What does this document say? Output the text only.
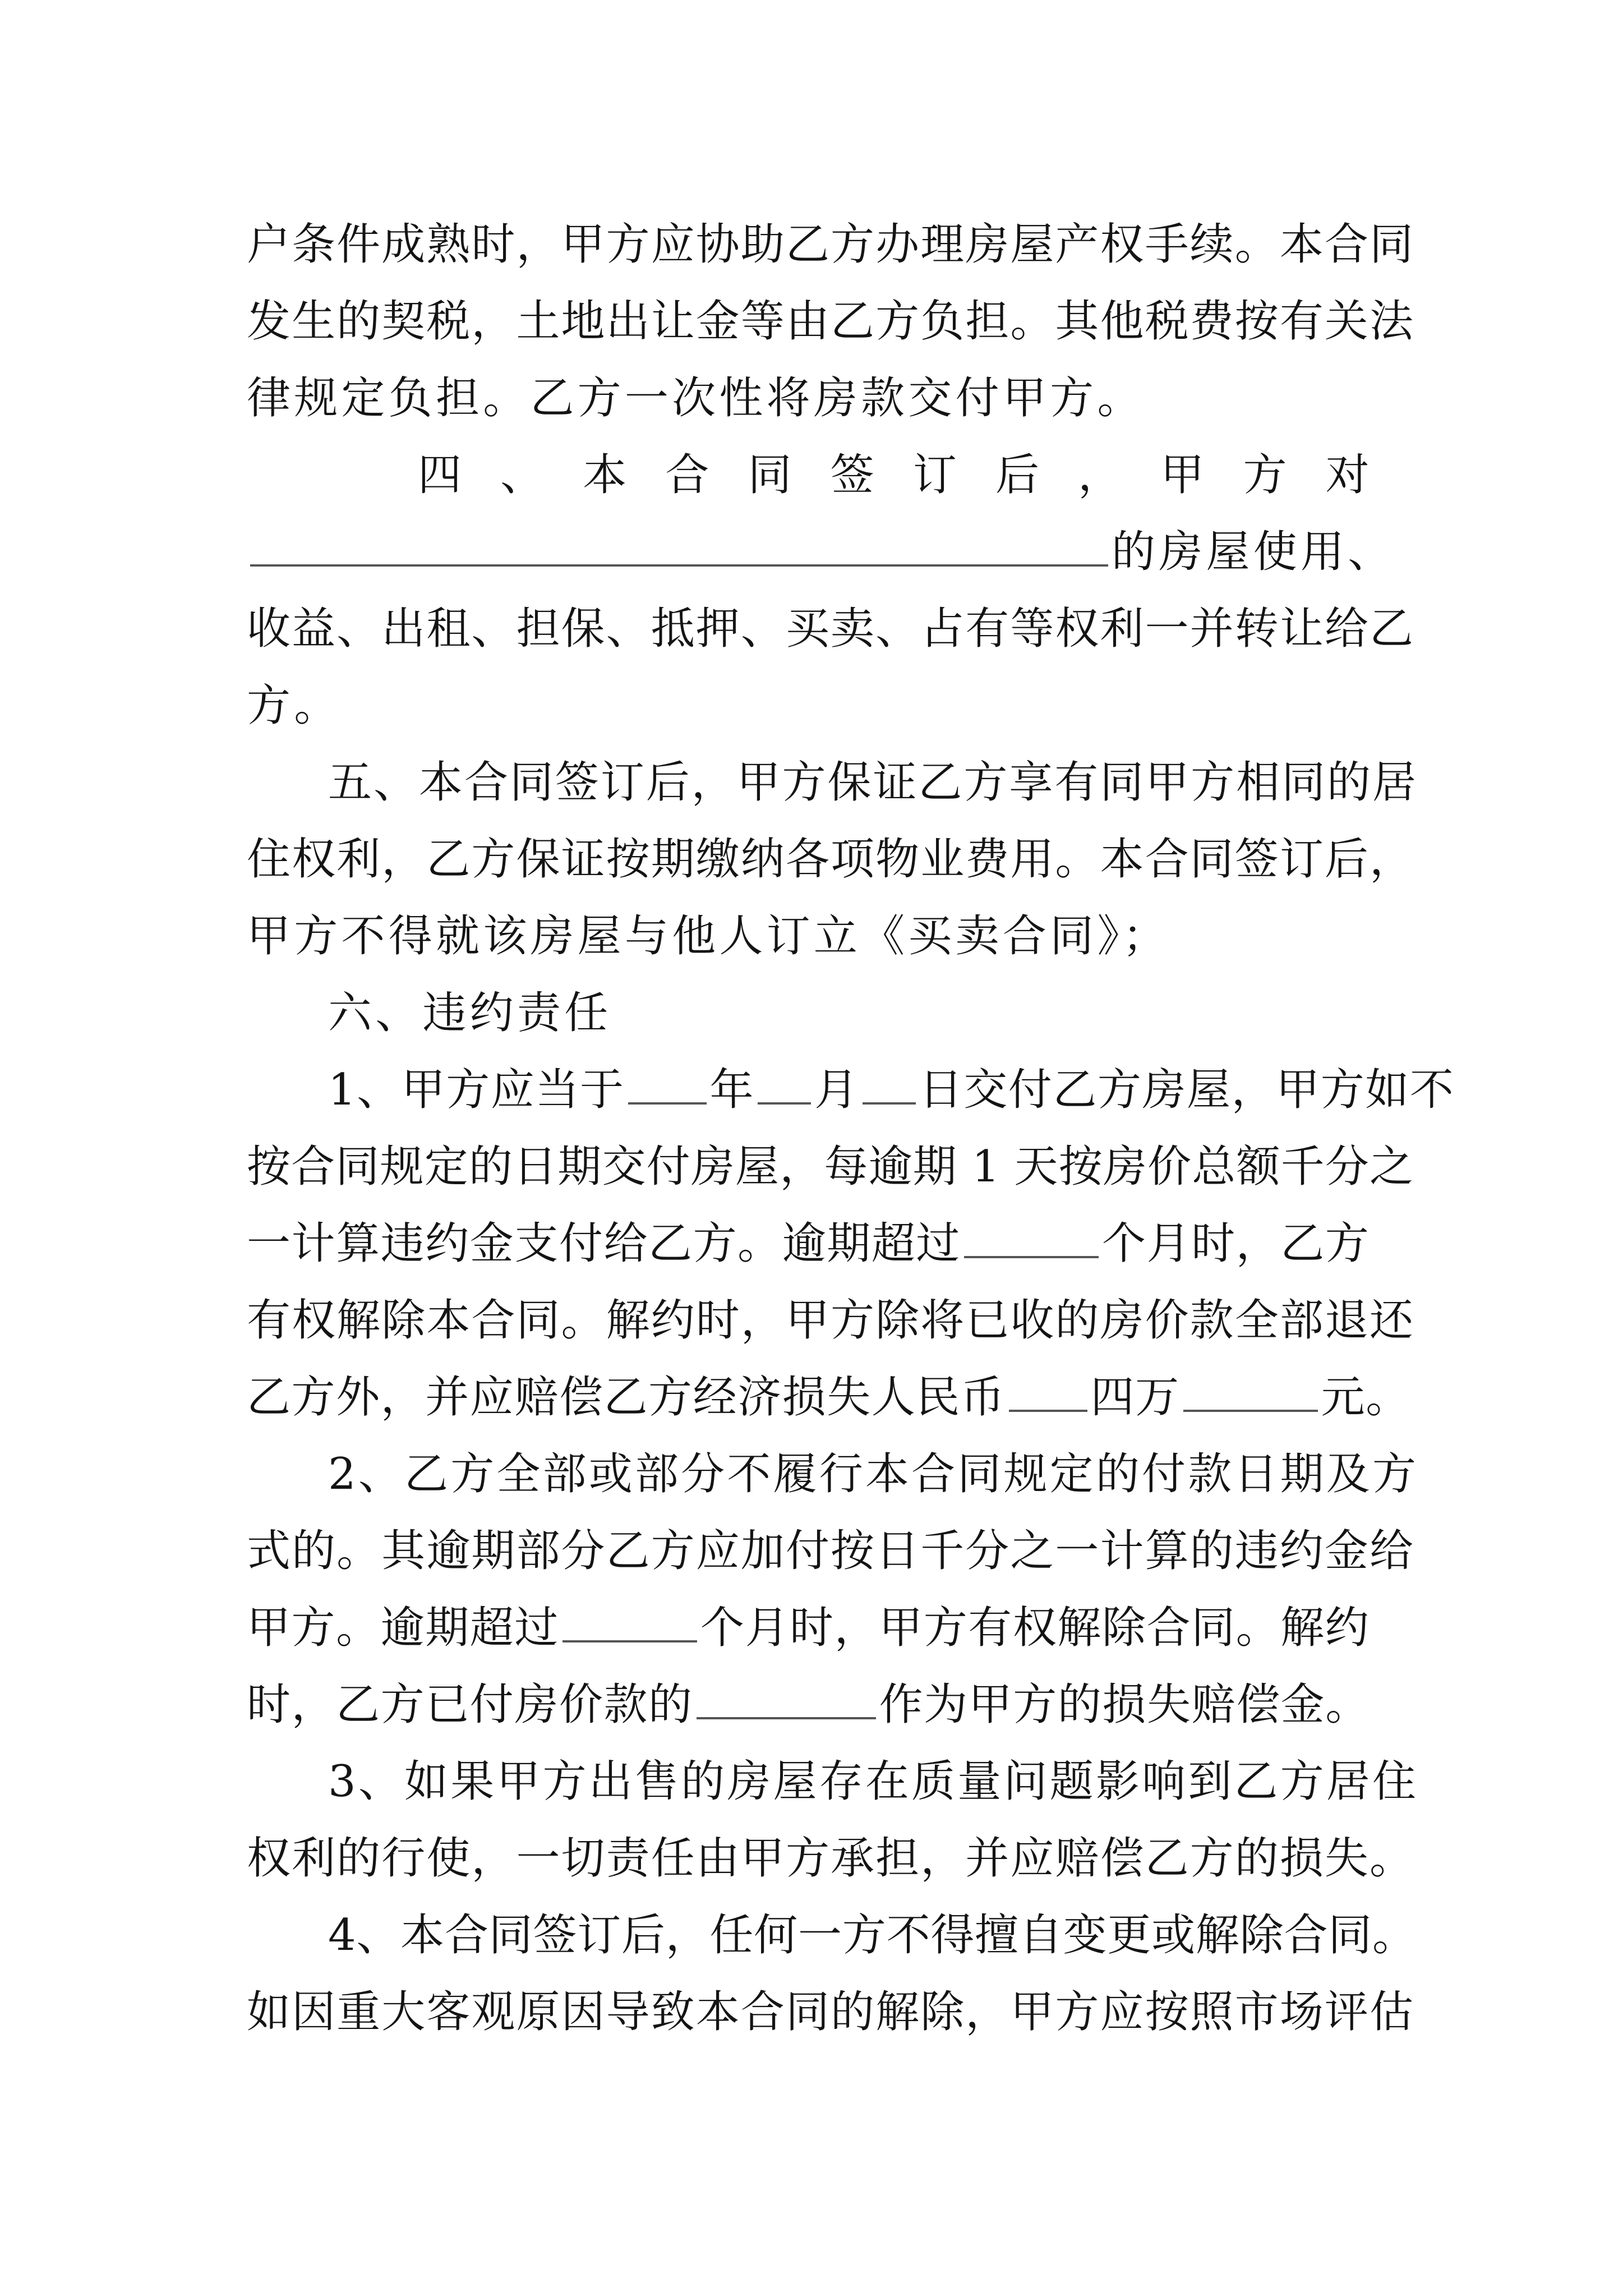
户条件成熟时，甲方应协助乙方办理房屋产权手续。本合同
发生的契税，土地出让金等由乙方负担。其他税费按有关法
律规定负担。乙方一次性将房款交付甲方。
四、本合同签订后，甲方对
的房屋使用、
收益、出租、担保、抵押、买卖、占有等权利一并转让给乙
方。
五、本合同签订后，甲方保证乙方享有同甲方相同的居
住权利，乙方保证按期缴纳各项物业费用。本合同签订后，
甲方不得就该房屋与他人订立《买卖合同》；
六、违约责任
1、甲方应当于 年 月 日交付乙方房屋，甲方如不
按合同规定的日期交付房屋，每逾期 1 天按房价总额千分之
一计算违约金支付给乙方。逾期超过	个月时，乙方
有权解除本合同。解约时，甲方除将已收的房价款全部退还
乙方外，并应赔偿乙方经济损失人民币 四万	元。
2、乙方全部或部分不履行本合同规定的付款日期及方
式的。其逾期部分乙方应加付按日千分之一计算的违约金给
甲方。逾期超过	个月时，甲方有权解除合同。解约
时，乙方已付房价款的	作为甲方的损失赔偿金。
3、如果甲方出售的房屋存在质量问题影响到乙方居住
权利的行使，一切责任由甲方承担，并应赔偿乙方的损失。
4、本合同签订后，任何一方不得擅自变更或解除合同。
如因重大客观原因导致本合同的解除，甲方应按照市场评估
